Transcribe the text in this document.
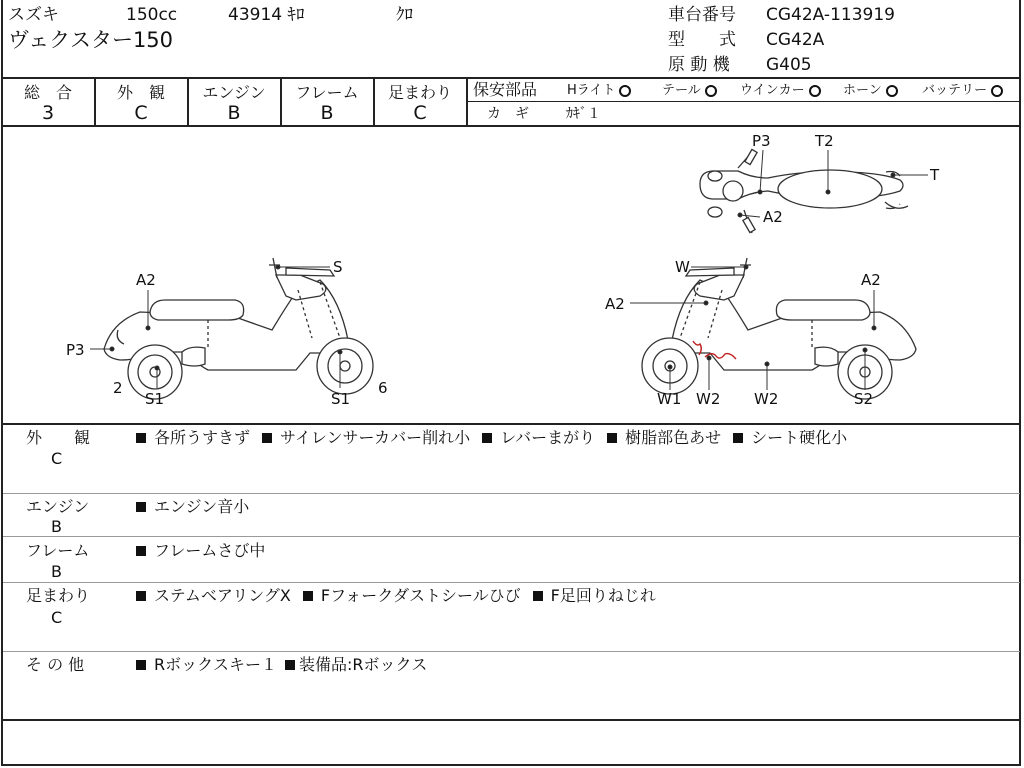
スズキ	150cc	43914 ｷﾛ	ｸﾛ
ヴェクスター150
車台番号 CG42A-113919
型　　式 CG42A
原 動 機 G405
総　合
3
外　観
C
エンジン
B
フレーム
B
足まわり
C
保安部品 Hライト	テール	ウインカー	ホーン	バッテリー
カ　ギ	ｶｷﾞ１
P3	T2
T
A2
S
A2
P3
2
S1	S1
6
W
A2
A2
W1 W2 W2	S2
外　　観
C
各所うすきず サイレンサーカバー削れ小 レバーまがり 樹脂部色あせ シート硬化小
エンジン
B
エンジン音小
フレーム
B
フレームさび中
足まわり
C
ステムベアリングX Fフォークダストシールひび F足回りねじれ
そ の 他	Rボックスキー１ 装備品:Rボックス
